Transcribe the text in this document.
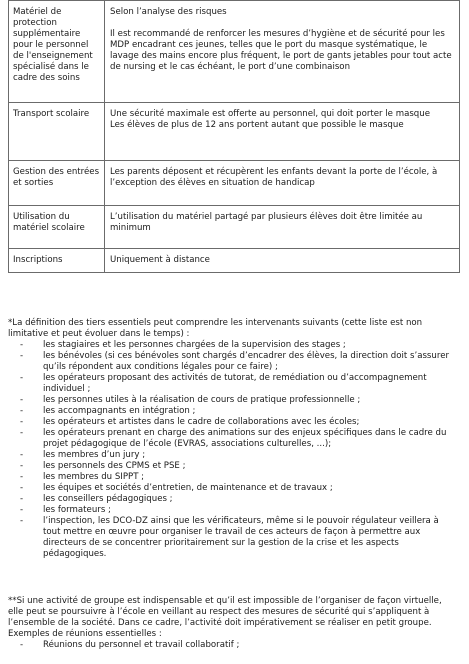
Matériel de protection supplémentaire pour le personnel de l'enseignement spécialisé dans le cadre des soins	Selon l’analyse des risques

Il est recommandé de renforcer les mesures d’hygiène et de sécurité pour les MDP encadrant ces jeunes, telles que le port du masque systématique, le lavage des mains encore plus fréquent, le port de gants jetables pour tout acte de nursing et le cas échéant, le port d’une combinaison

Transport scolaire	Une sécurité maximale est offerte au personnel, qui doit porter le masque

Les élèves de plus de 12 ans portent autant que possible le masque

Gestion des entrées et sorties	Les parents déposent et récupèrent les enfants devant la porte de l’école, à l’exception des élèves en situation de handicap

Utilisation du matériel scolaire	L’utilisation du matériel partagé par plusieurs élèves doit être limitée au minimum

Inscriptions	Uniquement à distance

*La définition des tiers essentiels peut comprendre les intervenants suivants (cette liste est non limitative et peut évoluer dans le temps) :

- les stagiaires et les personnes chargées de la supervision des stages ;
- les bénévoles (si ces bénévoles sont chargés d’encadrer des élèves, la direction doit s’assurer qu’ils répondent aux conditions légales pour ce faire) ;
- les opérateurs proposant des activités de tutorat, de remédiation ou d’accompagnement individuel ;
- les personnes utiles à la réalisation de cours de pratique professionnelle ;
- les accompagnants en intégration ;
- les opérateurs et artistes dans le cadre de collaborations avec les écoles;
- les opérateurs prenant en charge des animations sur des enjeux spécifiques dans le cadre du projet pédagogique de l’école (EVRAS, associations culturelles, ...);
- les membres d’un jury ;
- les personnels des CPMS et PSE ;
- les membres du SIPPT ;
- les équipes et sociétés d’entretien, de maintenance et de travaux ;
- les conseillers pédagogiques ;
- les formateurs ;
- l’inspection, les DCO-DZ ainsi que les vérificateurs, même si le pouvoir régulateur veillera à tout mettre en œuvre pour organiser le travail de ces acteurs de façon à permettre aux directeurs de se concentrer prioritairement sur la gestion de la crise et les aspects pédagogiques.

**Si une activité de groupe est indispensable et qu’il est impossible de l’organiser de façon virtuelle, elle peut se poursuivre à l’école en veillant au respect des mesures de sécurité qui s’appliquent à l’ensemble de la société. Dans ce cadre, l’activité doit impérativement se réaliser en petit groupe. Exemples de réunions essentielles :

- Réunions du personnel et travail collaboratif ;
